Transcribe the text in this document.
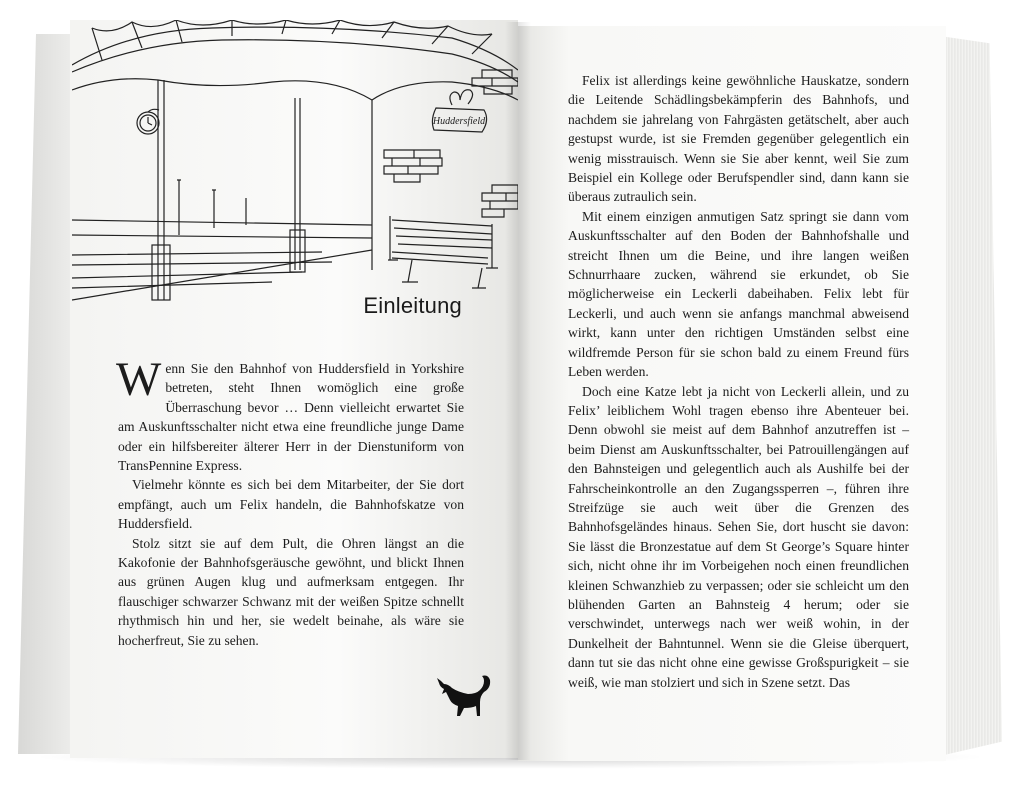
Huddersfield
Einleitung

Wenn Sie den Bahnhof von Huddersfield in Yorkshire betreten, steht Ihnen womöglich eine große Überraschung bevor … Denn vielleicht erwartet Sie am Auskunftsschalter nicht etwa eine freundliche junge Dame oder ein hilfsbereiter älterer Herr in der Dienstuniform von TransPennine Express.

Vielmehr könnte es sich bei dem Mitarbeiter, der Sie dort empfängt, auch um Felix handeln, die Bahnhofskatze von Huddersfield.

Stolz sitzt sie auf dem Pult, die Ohren längst an die Kakofonie der Bahnhofsgeräusche gewöhnt, und blickt Ihnen aus grünen Augen klug und aufmerksam entgegen. Ihr flauschiger schwarzer Schwanz mit der weißen Spitze schnellt rhythmisch hin und her, sie wedelt beinahe, als wäre sie hocherfreut, Sie zu sehen.

Felix ist allerdings keine gewöhnliche Hauskatze, sondern die Leitende Schädlingsbekämpferin des Bahnhofs, und nachdem sie jahrelang von Fahrgästen getätschelt, aber auch gestupst wurde, ist sie Fremden gegenüber gelegentlich ein wenig misstrauisch. Wenn sie Sie aber kennt, weil Sie zum Beispiel ein Kollege oder Berufspendler sind, dann kann sie überaus zutraulich sein.

Mit einem einzigen anmutigen Satz springt sie dann vom Auskunftsschalter auf den Boden der Bahnhofshalle und streicht Ihnen um die Beine, und ihre langen weißen Schnurrhaare zucken, während sie erkundet, ob Sie möglicherweise ein Leckerli dabeihaben. Felix lebt für Leckerli, und auch wenn sie anfangs manchmal abweisend wirkt, kann unter den richtigen Umständen selbst eine wildfremde Person für sie schon bald zu einem Freund fürs Leben werden.

Doch eine Katze lebt ja nicht von Leckerli allein, und zu Felix’ leiblichem Wohl tragen ebenso ihre Abenteuer bei. Denn obwohl sie meist auf dem Bahnhof anzutreffen ist – beim Dienst am Auskunftsschalter, bei Patrouillengängen auf den Bahnsteigen und gelegentlich auch als Aushilfe bei der Fahrscheinkontrolle an den Zugangssperren –, führen ihre Streifzüge sie auch weit über die Grenzen des Bahnhofsgeländes hinaus. Sehen Sie, dort huscht sie davon: Sie lässt die Bronzestatue auf dem St George’s Square hinter sich, nicht ohne ihr im Vorbeigehen noch einen freundlichen kleinen Schwanzhieb zu verpassen; oder sie schleicht um den blühenden Garten an Bahnsteig 4 herum; oder sie verschwindet, unterwegs nach wer weiß wohin, in der Dunkelheit der Bahntunnel. Wenn sie die Gleise überquert, dann tut sie das nicht ohne eine gewisse Großspurigkeit – sie weiß, wie man stolziert und sich in Szene setzt. Das
